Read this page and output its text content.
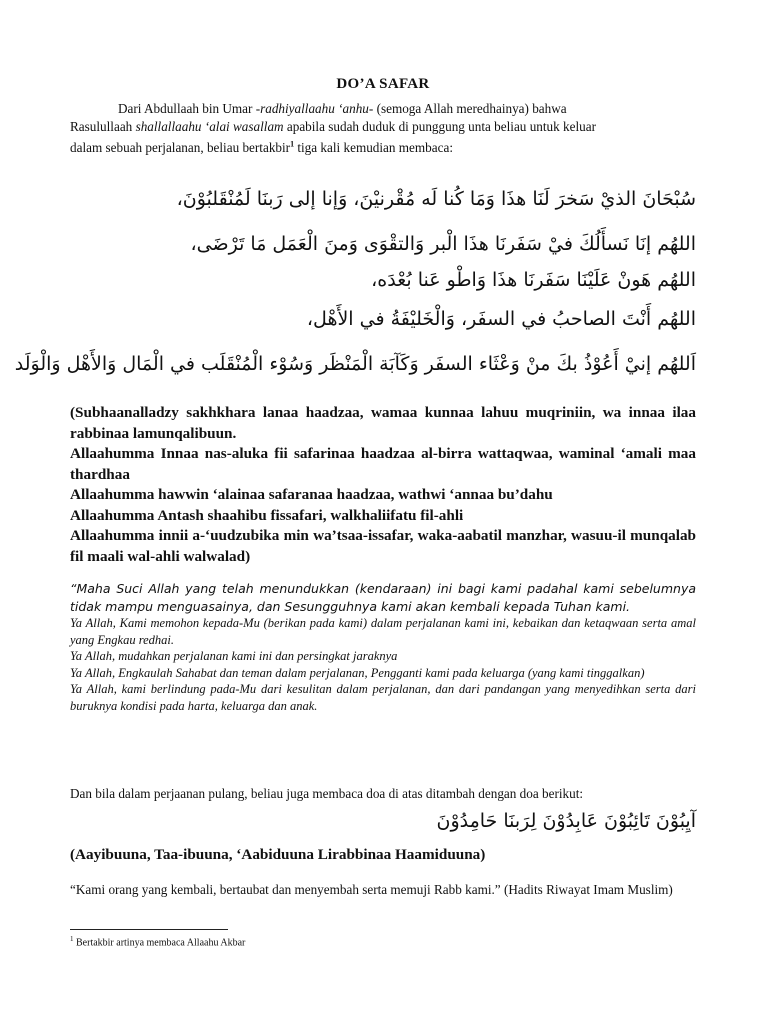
DO’A SAFAR
Dari Abdullaah bin Umar -radhiyallaahu ‘anhu- (semoga Allah meredhainya) bahwa
Rasulullaah shallallaahu ‘alai wasallam apabila sudah duduk di punggung unta beliau untuk keluar
dalam sebuah perjalanan, beliau bertakbir$^1$ tiga kali kemudian membaca:
سُبْحَانَ الذيْ سَخرَ لَنَا هذَا وَمَا كُنا لَه مُقْرنيْنَ، وَإنا إلى رَبنَا لَمُنْقَلبُوْنَ،
اللهُم إنَا نَسأَلُكَ فيْ سَفَرنَا هذَا الْبر وَالتقْوَى وَمنَ الْعَمَل مَا تَرْضَى،
اللهُم هَونْ عَلَيْنَا سَفَرنَا هذَا وَاطْو عَنا بُعْدَه،
اللهُم أَنْتَ الصاحبُ في السفَر، وَالْخَليْفَةُ في الأَهْل،
اَللهُم إنيْ أَعُوْذُ بكَ منْ وَعْثَاء السفَر وَكَآبَة الْمَنْظَر وَسُوْء الْمُنْقَلَب في الْمَال وَالأَهْل وَالْوَلَد
(Subhaanalladzy sakhkhara lanaa haadzaa, wamaa kunnaa lahuu muqriniin, wa innaa ilaa rabbinaa lamunqalibuun.
Allaahumma Innaa nas-aluka fii safarinaa haadzaa al-birra wattaqwaa, waminal ‘amali maa thardhaa
Allaahumma hawwin ‘alainaa safaranaa haadzaa, wathwi ‘annaa bu’dahu
Allaahumma Antash shaahibu fissafari, walkhaliifatu fil-ahli
Allaahumma innii a-‘uudzubika min wa’tsaa-issafar, waka-aabatil manzhar, wasuu-il munqalab fil maali wal-ahli walwalad)
“Maha Suci Allah yang telah menundukkan (kendaraan) ini bagi kami padahal kami sebelumnya tidak mampu menguasainya, dan Sesungguhnya kami akan kembali kepada Tuhan kami.
Ya Allah, Kami memohon kepada-Mu (berikan pada kami) dalam perjalanan kami ini, kebaikan dan ketaqwaan serta amal yang Engkau redhai.
Ya Allah, mudahkan perjalanan kami ini dan persingkat jaraknya
Ya Allah, Engkaulah Sahabat dan teman dalam perjalanan, Pengganti kami pada keluarga (yang kami tinggalkan)
Ya Allah, kami berlindung pada-Mu dari kesulitan dalam perjalanan, dan dari pandangan yang menyedihkan serta dari buruknya kondisi pada harta, keluarga dan anak.
Dan bila dalam perjaanan pulang, beliau juga membaca doa di atas ditambah dengan doa berikut:
آيِبُوْنَ تَائِبُوْنَ عَابِدُوْنَ لِرَبنَا حَامِدُوْنَ
(Aayibuuna, Taa-ibuuna, ‘Aabiduuna Lirabbinaa Haamiduuna)
“Kami orang yang kembali, bertaubat dan menyembah serta memuji Rabb kami.” (Hadits Riwayat Imam Muslim)
$^1$ Bertakbir artinya membaca Allaahu Akbar
